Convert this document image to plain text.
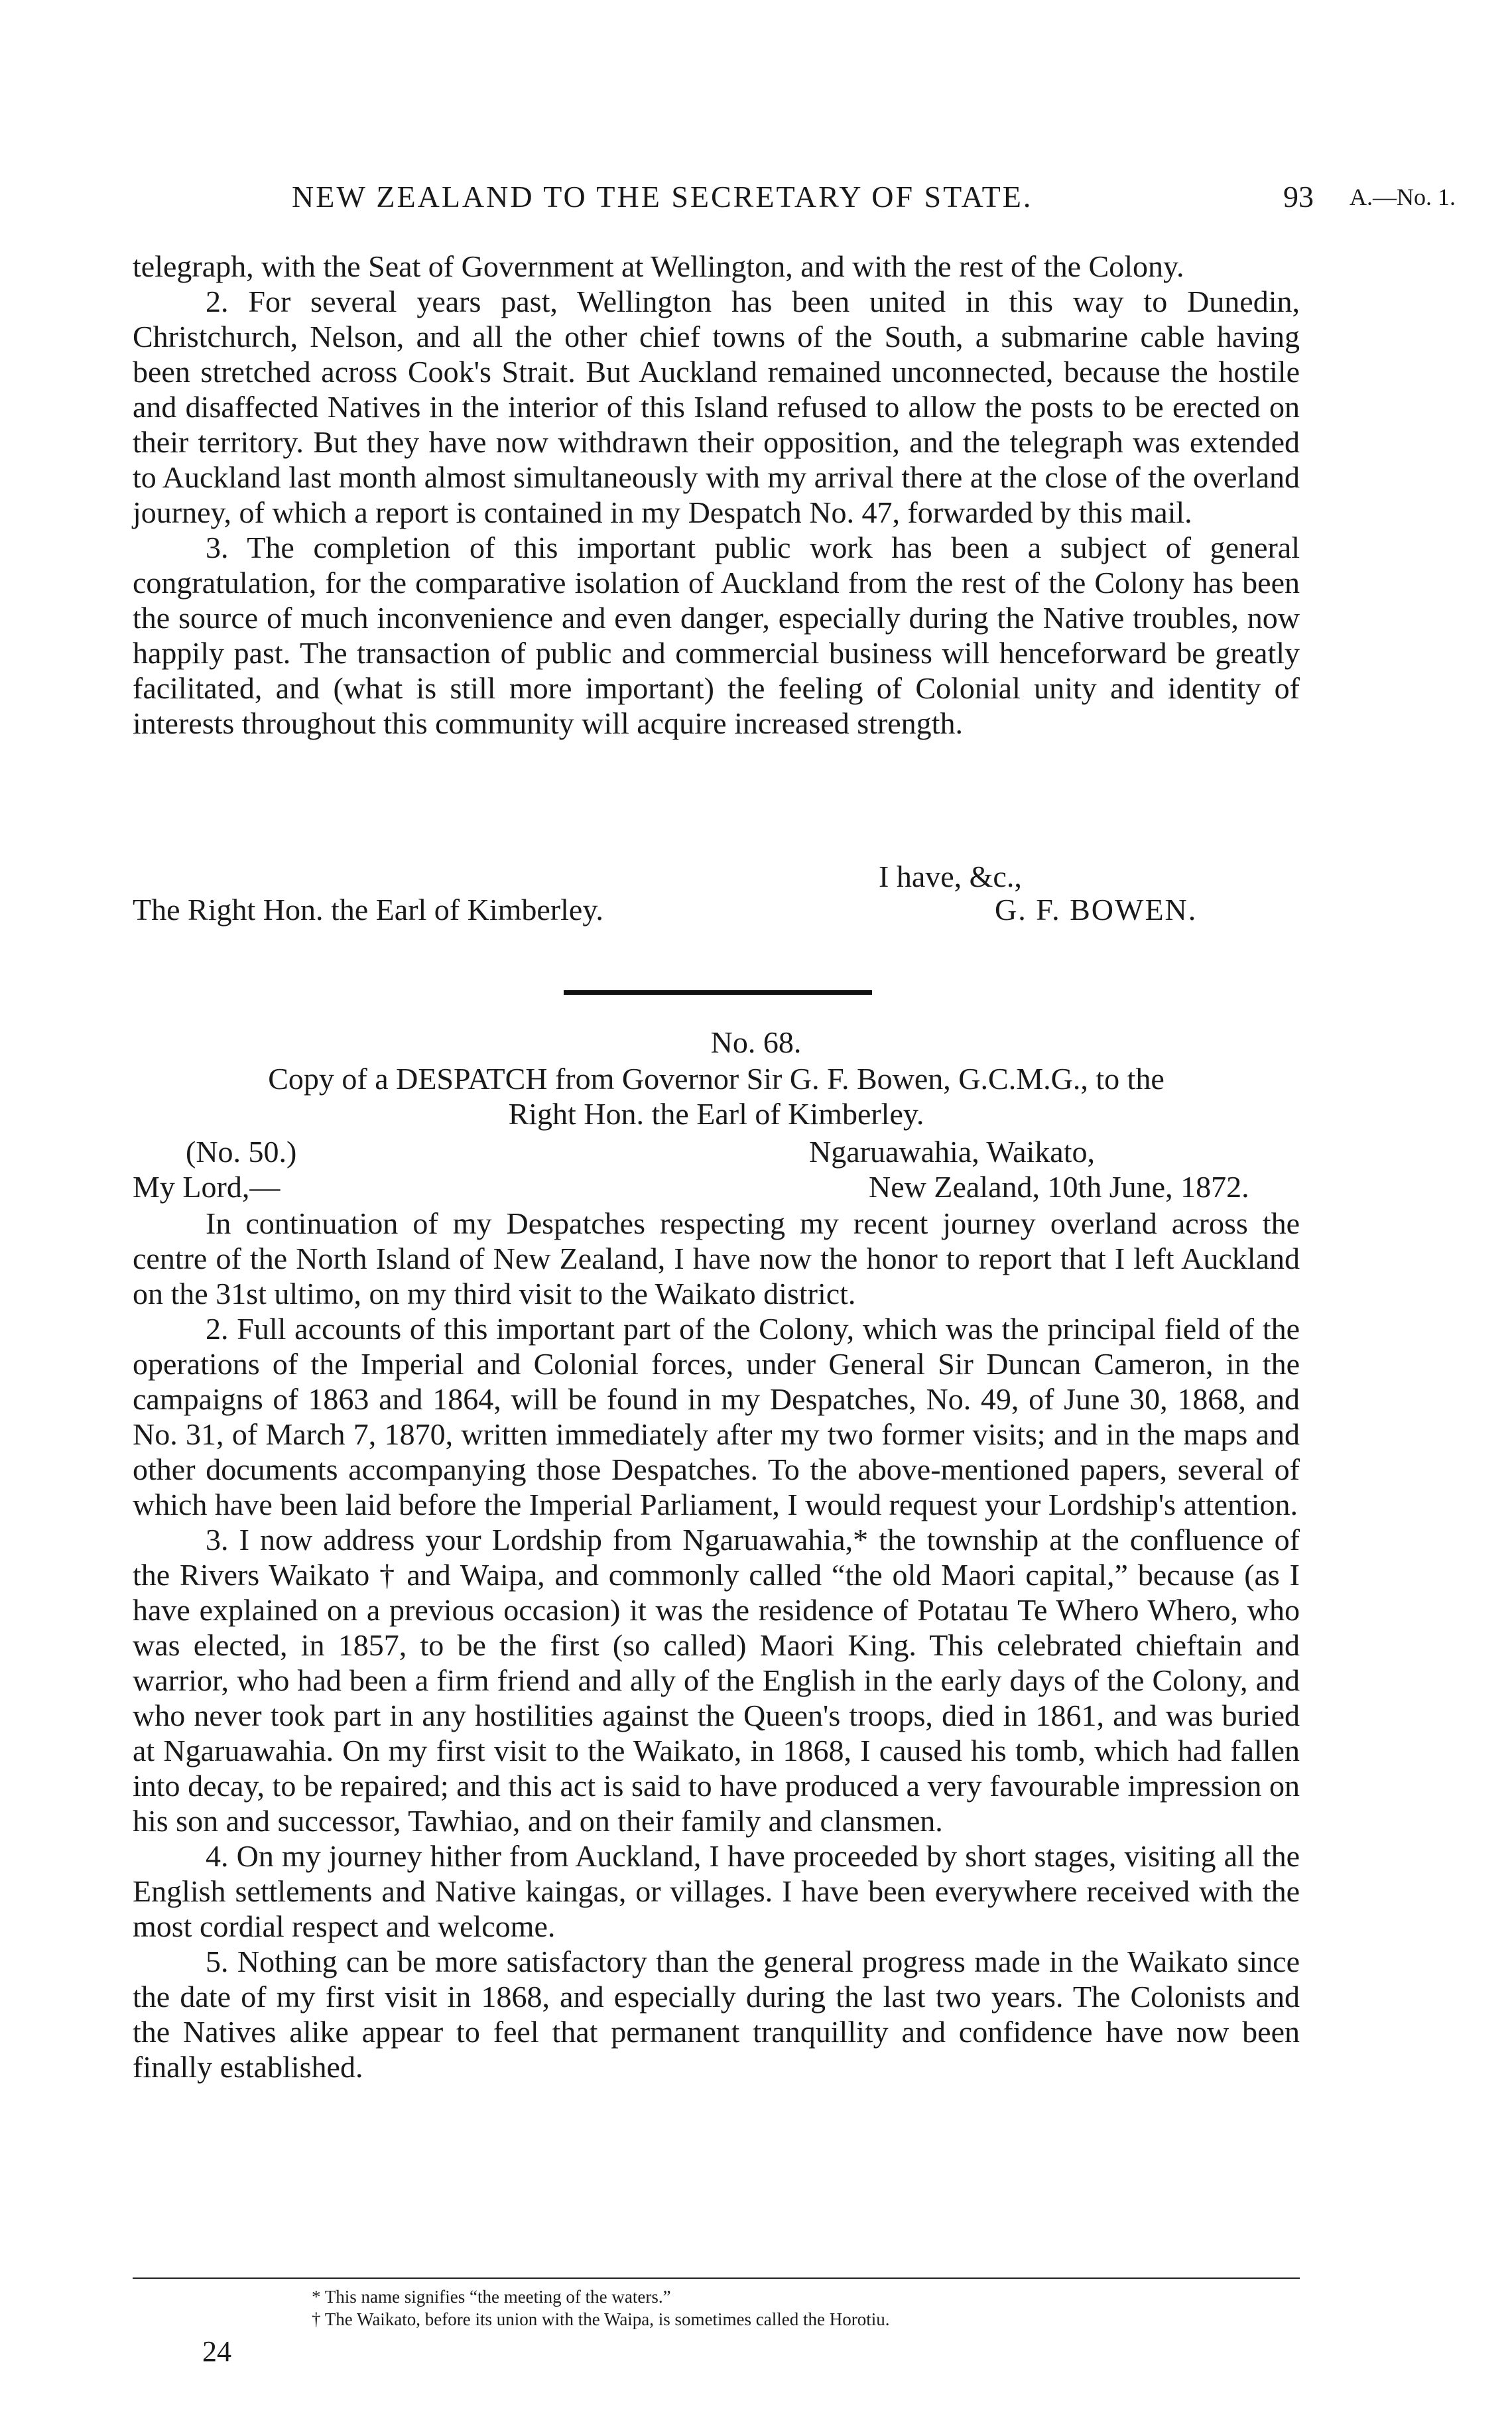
NEW ZEALAND TO THE SECRETARY OF STATE.	93 A.—No. 1.

telegraph, with the Seat of Government at Wellington, and with the rest of the Colony.

2. For several years past, Wellington has been united in this way to Dunedin, Christchurch, Nelson, and all the other chief towns of the South, a submarine cable having been stretched across Cook's Strait. But Auckland remained unconnected, because the hostile and disaffected Natives in the interior of this Island refused to allow the posts to be erected on their territory. But they have now withdrawn their opposition, and the telegraph was extended to Auckland last month almost simultaneously with my arrival there at the close of the overland journey, of which a report is contained in my Despatch No. 47, forwarded by this mail.

3. The completion of this important public work has been a subject of general congratulation, for the comparative isolation of Auckland from the rest of the Colony has been the source of much inconvenience and even danger, especially during the Native troubles, now happily past. The transaction of public and commercial business will henceforward be greatly facilitated, and (what is still more important) the feeling of Colonial unity and identity of interests throughout this community will acquire increased strength.

I have, &c.,
The Right Hon. the Earl of Kimberley.	G. F. BOWEN.
No. 68.
Copy of a DESPATCH from Governor Sir G. F. Bowen, G.C.M.G., to the
Right Hon. the Earl of Kimberley.
(No. 50.)	Ngaruawahia, Waikato,
My Lord,—	New Zealand, 10th June, 1872.

In continuation of my Despatches respecting my recent journey overland across the centre of the North Island of New Zealand, I have now the honor to report that I left Auckland on the 31st ultimo, on my third visit to the Waikato district.

2. Full accounts of this important part of the Colony, which was the principal field of the operations of the Imperial and Colonial forces, under General Sir Duncan Cameron, in the campaigns of 1863 and 1864, will be found in my Despatches, No. 49, of June 30, 1868, and No. 31, of March 7, 1870, written immediately after my two former visits; and in the maps and other documents accompanying those Despatches. To the above-mentioned papers, several of which have been laid before the Imperial Parliament, I would request your Lordship's attention.

3. I now address your Lordship from Ngaruawahia,* the township at the confluence of the Rivers Waikato † and Waipa, and commonly called “the old Maori capital,” because (as I have explained on a previous occasion) it was the residence of Potatau Te Whero Whero, who was elected, in 1857, to be the first (so called) Maori King. This celebrated chieftain and warrior, who had been a firm friend and ally of the English in the early days of the Colony, and who never took part in any hostilities against the Queen's troops, died in 1861, and was buried at Ngaruawahia. On my first visit to the Waikato, in 1868, I caused his tomb, which had fallen into decay, to be repaired; and this act is said to have produced a very favourable impression on his son and successor, Tawhiao, and on their family and clansmen.

4. On my journey hither from Auckland, I have proceeded by short stages, visiting all the English settlements and Native kaingas, or villages. I have been everywhere received with the most cordial respect and welcome.

5. Nothing can be more satisfactory than the general progress made in the Waikato since the date of my first visit in 1868, and especially during the last two years. The Colonists and the Natives alike appear to feel that permanent tranquillity and confidence have now been finally established.

* This name signifies “the meeting of the waters.”
† The Waikato, before its union with the Waipa, is sometimes called the Horotiu.
24
